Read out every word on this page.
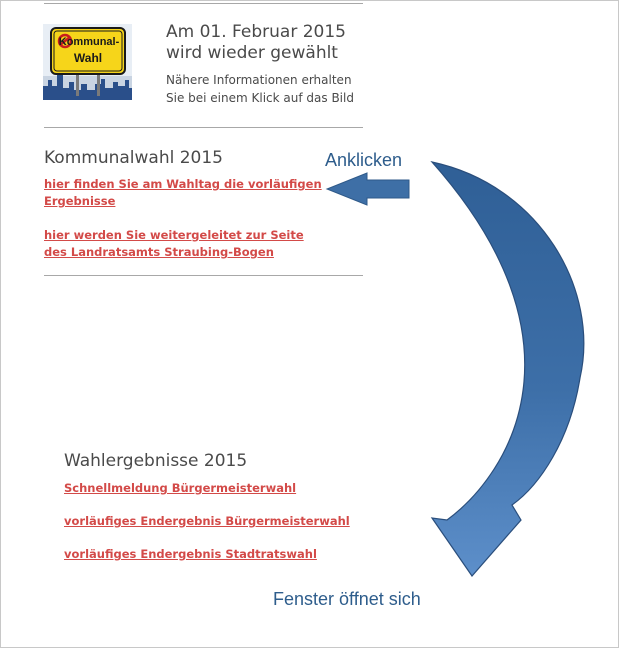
Kommunal-
Wahl
Am 01. Februar 2015
wird wieder gewählt
Nähere Informationen erhalten
Sie bei einem Klick auf das Bild
Kommunalwahl 2015
hier finden Sie am Wahltag die vorläufigen
Ergebnisse
hier werden Sie weitergeleitet zur Seite
des Landratsamts Straubing-Bogen
Wahlergebnisse 2015
Schnellmeldung Bürgermeisterwahl
vorläufiges Endergebnis Bürgermeisterwahl
vorläufiges Endergebnis Stadtratswahl
Anklicken
Fenster öffnet sich
